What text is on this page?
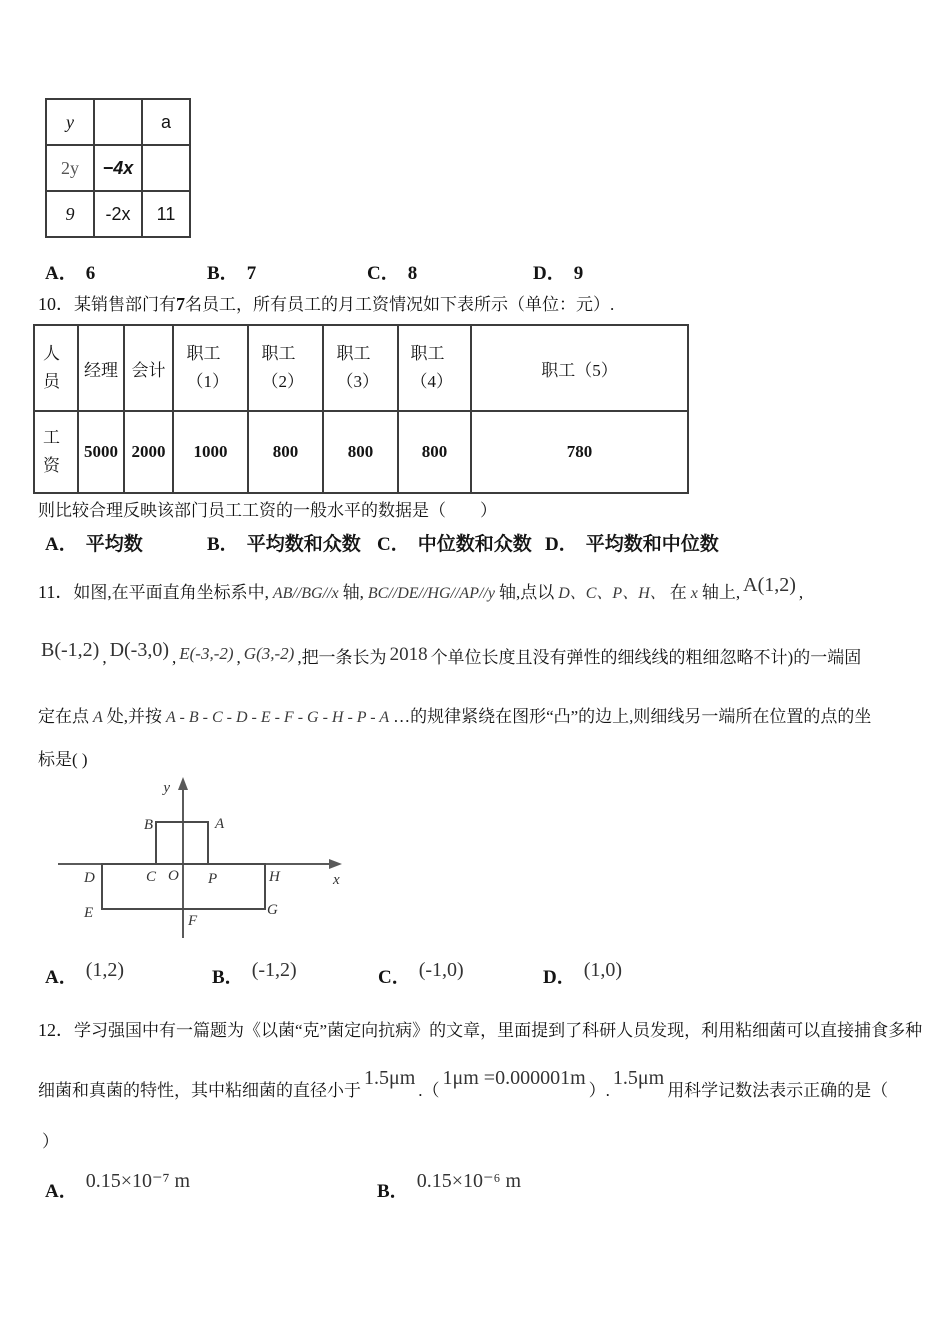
y		a
2y	−4x	
9	-2x	11
A． 6	B． 7	C． 8	D． 9
10．某销售部门有7名员工，所有员工的月工资情况如下表所示（单位：元）.
人员	经理	会计	职工（1）	职工（2）	职工（3）	职工（4）	职工（5）
工资	5000	2000	1000	800	800	800	780
则比较合理反映该部门员工工资的一般水平的数据是（　　）
A． 平均数	B． 平均数和众数 C． 中位数和众数 D． 平均数和中位数
11．如图,在平面直角坐标系中, AB//BG//x 轴, BC//DE//HG//AP//y 轴,点以 D、C、P、H、 在 x 轴上, A(1,2) ,
B(-1,2) , D(-3,0) , E(-3,-2) , G(3,-2) ,把一条长为 2018 个单位长度且没有弹性的细线线的粗细忽略不计)的一端固
定在点 A 处,并按 A - B - C - D - E - F - G - H - P - A …的规律紧绕在图形“凸”的边上,则细线另一端所在位置的点的坐
标是( )
y
B	A
D	C O P	H	x
E	F
G
A． (1,2)	B． (-1,2)	C． (-1,0)	D． (1,0)
12．学习强国中有一篇题为《以菌“克”菌定向抗病》的文章，里面提到了科研人员发现，利用粘细菌可以直接捕食多种
细菌和真菌的特性，其中粘细菌的直径小于1.5μm.（1μm =0.000001m）.1.5μm用科学记数法表示正确的是（
）
A． 0.15×10⁻⁷ m	B． 0.15×10⁻⁶ m
